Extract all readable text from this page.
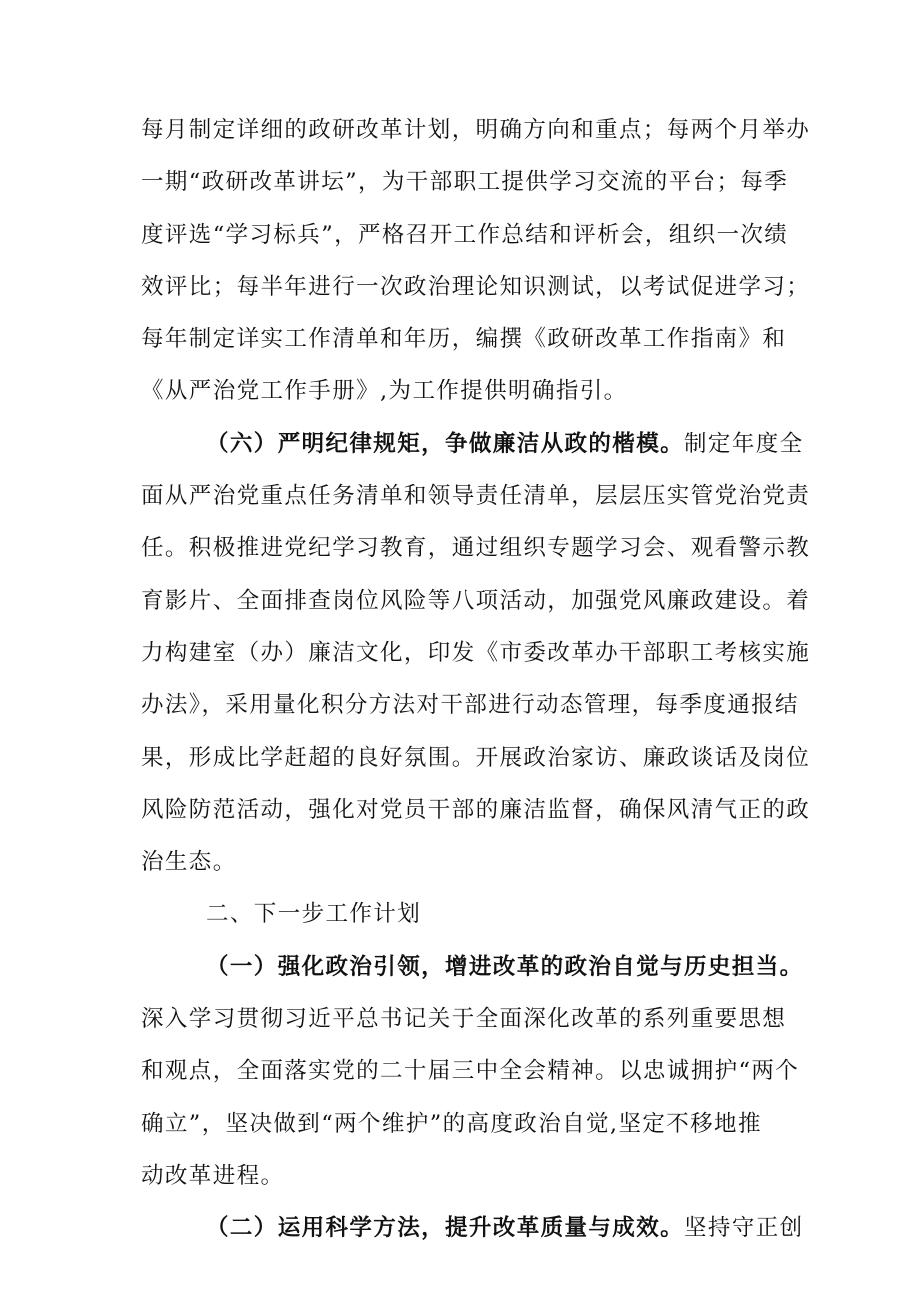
每月制定详细的政研改革计划，明确方向和重点；每两个月举办
一期“政研改革讲坛”，为干部职工提供学习交流的平台；每季
度评选“学习标兵”，严格召开工作总结和评析会，组织一次绩
效评比；每半年进行一次政治理论知识测试，以考试促进学习；
每年制定详实工作清单和年历，编撰《政研改革工作指南》和
《从严治党工作手册》,为工作提供明确指引。

（六）严明纪律规矩，争做廉洁从政的楷模。制定年度全
面从严治党重点任务清单和领导责任清单，层层压实管党治党责
任。积极推进党纪学习教育，通过组织专题学习会、观看警示教
育影片、全面排查岗位风险等八项活动，加强党风廉政建设。着
力构建室（办）廉洁文化，印发《市委改革办干部职工考核实施
办法》，采用量化积分方法对干部进行动态管理，每季度通报结
果，形成比学赶超的良好氛围。开展政治家访、廉政谈话及岗位
风险防范活动，强化对党员干部的廉洁监督，确保风清气正的政
治生态。

二、下一步工作计划

（一）强化政治引领，增进改革的政治自觉与历史担当。
深入学习贯彻习近平总书记关于全面深化改革的系列重要思想
和观点，全面落实党的二十届三中全会精神。以忠诚拥护“两个
确立”，坚决做到“两个维护”的高度政治自觉,坚定不移地推
动改革进程。

（二）运用科学方法，提升改革质量与成效。坚持守正创
